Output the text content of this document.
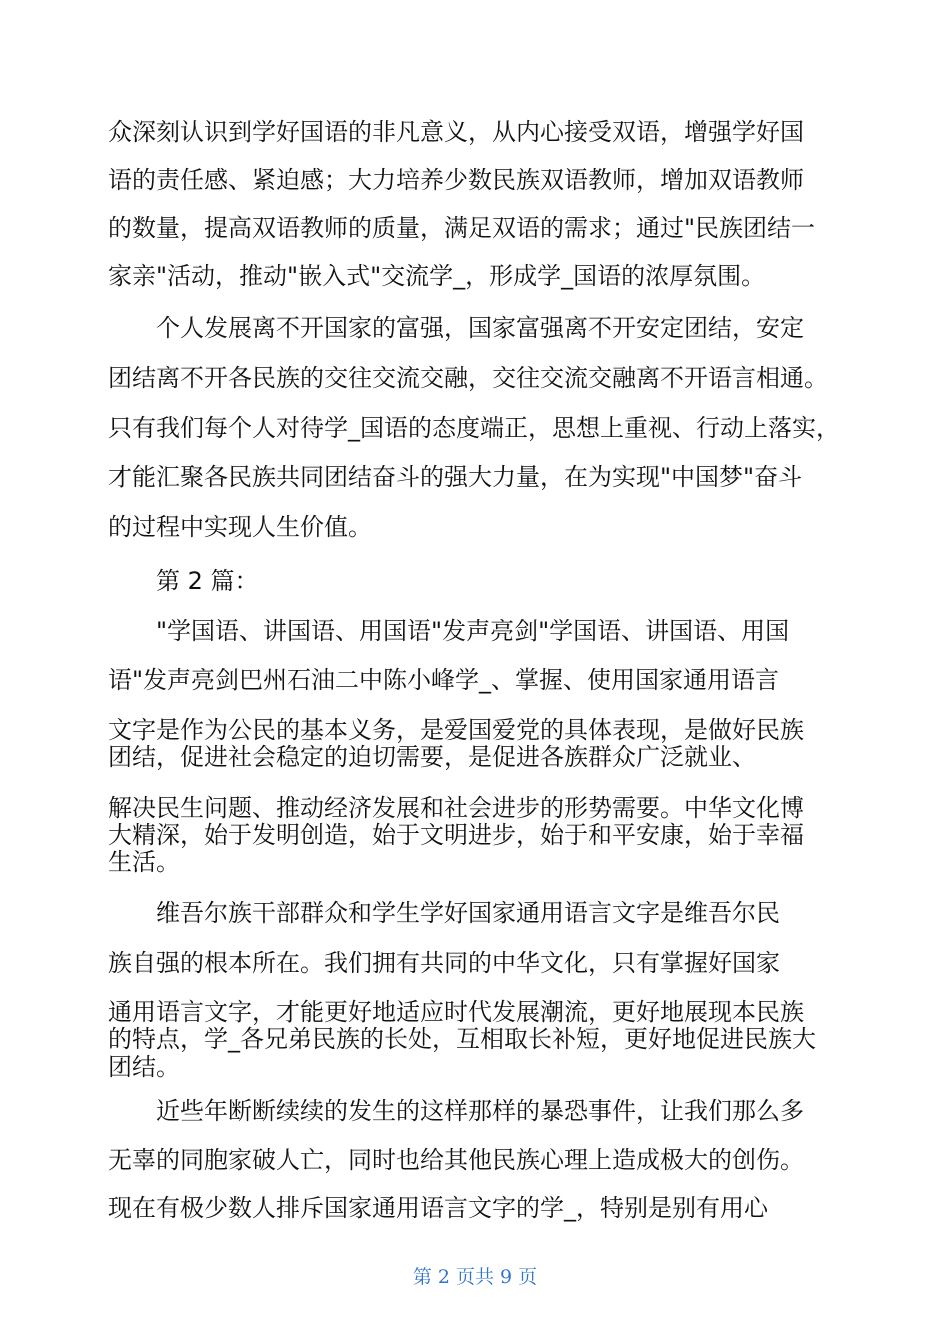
众深刻认识到学好国语的非凡意义，从内心接受双语，增强学好国

语的责任感、紧迫感；大力培养少数民族双语教师，增加双语教师

的数量，提高双语教师的质量，满足双语的需求；通过"民族团结一

家亲"活动，推动"嵌入式"交流学_，形成学_国语的浓厚氛围。

个人发展离不开国家的富强，国家富强离不开安定团结，安定

团结离不开各民族的交往交流交融，交往交流交融离不开语言相通。

只有我们每个人对待学_国语的态度端正，思想上重视、行动上落实，

才能汇聚各民族共同团结奋斗的强大力量，在为实现"中国梦"奋斗

的过程中实现人生价值。

第 2 篇：

"学国语、讲国语、用国语"发声亮剑"学国语、讲国语、用国

语"发声亮剑巴州石油二中陈小峰学_、掌握、使用国家通用语言

文字是作为公民的基本义务，是爱国爱党的具体表现，是做好民族

团结，促进社会稳定的迫切需要，是促进各族群众广泛就业、

解决民生问题、推动经济发展和社会进步的形势需要。中华文化博

大精深，始于发明创造，始于文明进步，始于和平安康，始于幸福

生活。

维吾尔族干部群众和学生学好国家通用语言文字是维吾尔民

族自强的根本所在。我们拥有共同的中华文化，只有掌握好国家

通用语言文字，才能更好地适应时代发展潮流，更好地展现本民族

的特点，学_各兄弟民族的长处，互相取长补短，更好地促进民族大

团结。

近些年断断续续的发生的这样那样的暴恐事件，让我们那么多

无辜的同胞家破人亡，同时也给其他民族心理上造成极大的创伤。

现在有极少数人排斥国家通用语言文字的学_，特别是别有用心

第 2 页共 9 页
